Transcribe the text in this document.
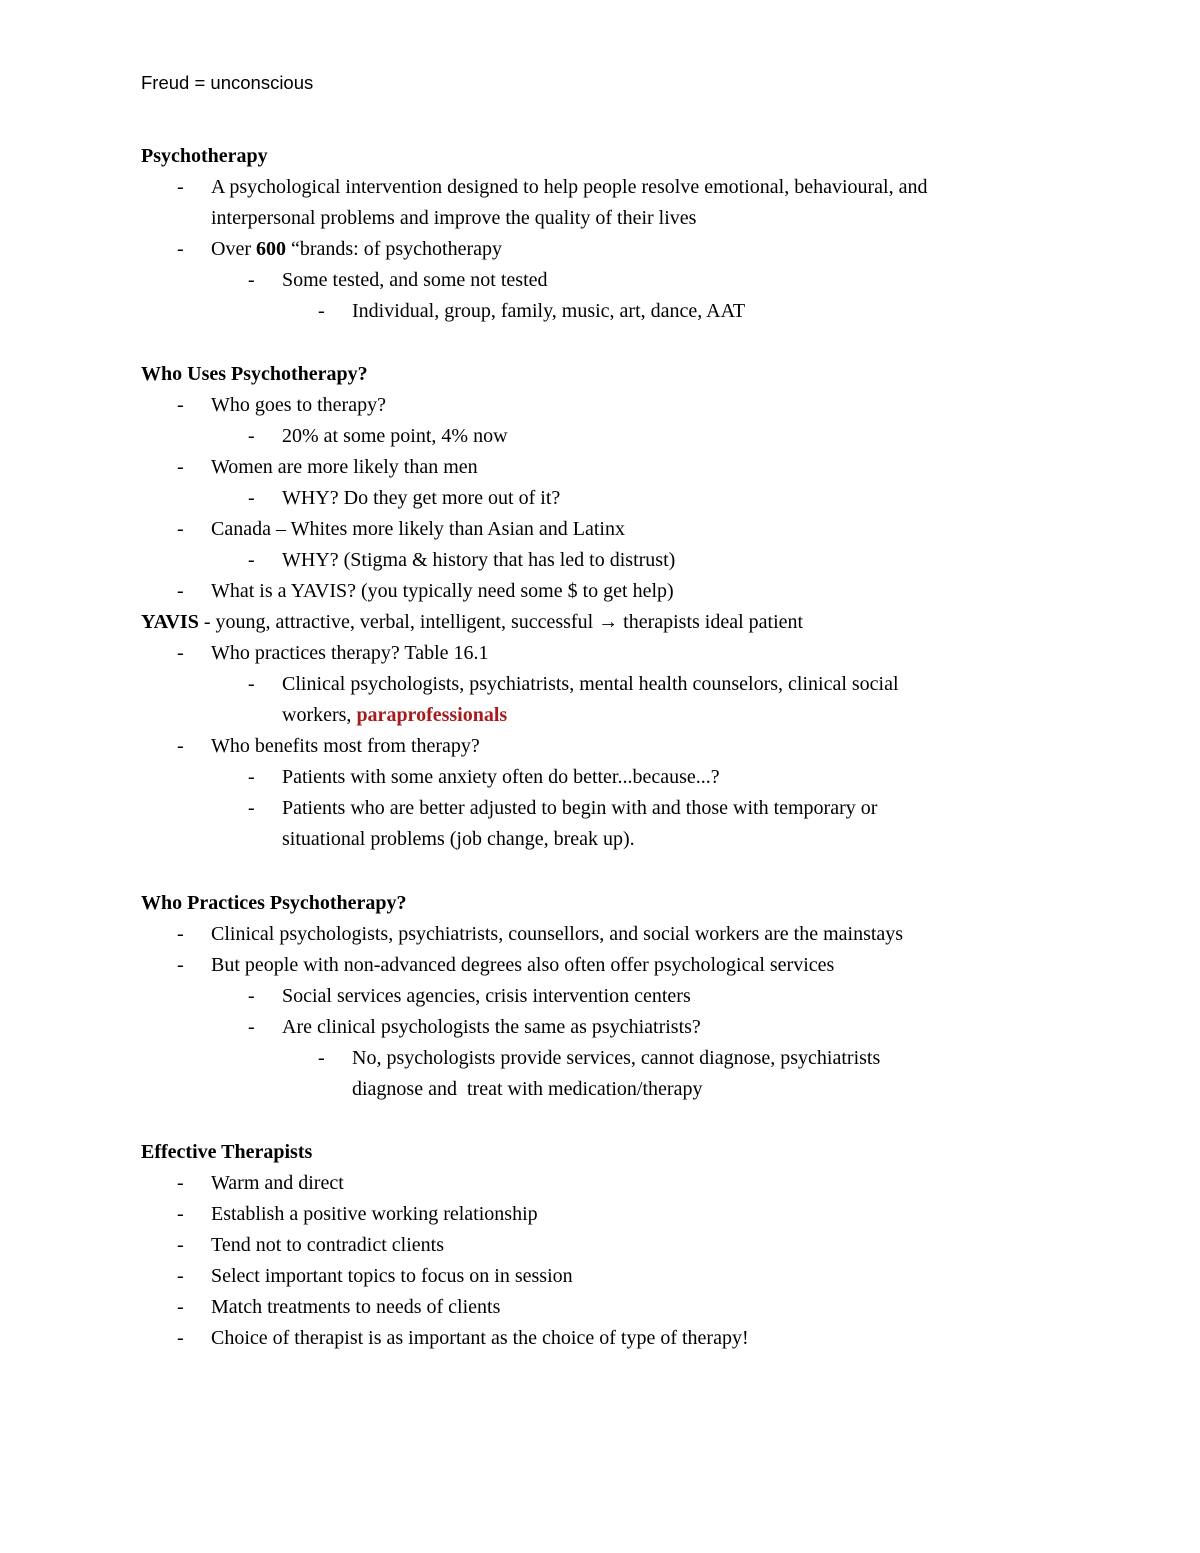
Freud = unconscious
Psychotherapy
- A psychological intervention designed to help people resolve emotional, behavioural, and
interpersonal problems and improve the quality of their lives
- Over 600 “brands: of psychotherapy
- Some tested, and some not tested
- Individual, group, family, music, art, dance, AAT
Who Uses Psychotherapy?
- Who goes to therapy?
- 20% at some point, 4% now
- Women are more likely than men
- WHY? Do they get more out of it?
- Canada – Whites more likely than Asian and Latinx
- WHY? (Stigma & history that has led to distrust)
- What is a YAVIS? (you typically need some $ to get help)
YAVIS - young, attractive, verbal, intelligent, successful → therapists ideal patient
- Who practices therapy? Table 16.1
- Clinical psychologists, psychiatrists, mental health counselors, clinical social
workers, paraprofessionals
- Who benefits most from therapy?
- Patients with some anxiety often do better...because...?
- Patients who are better adjusted to begin with and those with temporary or
situational problems (job change, break up).
Who Practices Psychotherapy?
- Clinical psychologists, psychiatrists, counsellors, and social workers are the mainstays
- But people with non-advanced degrees also often offer psychological services
- Social services agencies, crisis intervention centers
- Are clinical psychologists the same as psychiatrists?
- No, psychologists provide services, cannot diagnose, psychiatrists
diagnose and  treat with medication/therapy
Effective Therapists
- Warm and direct
- Establish a positive working relationship
- Tend not to contradict clients
- Select important topics to focus on in session
- Match treatments to needs of clients
- Choice of therapist is as important as the choice of type of therapy!
